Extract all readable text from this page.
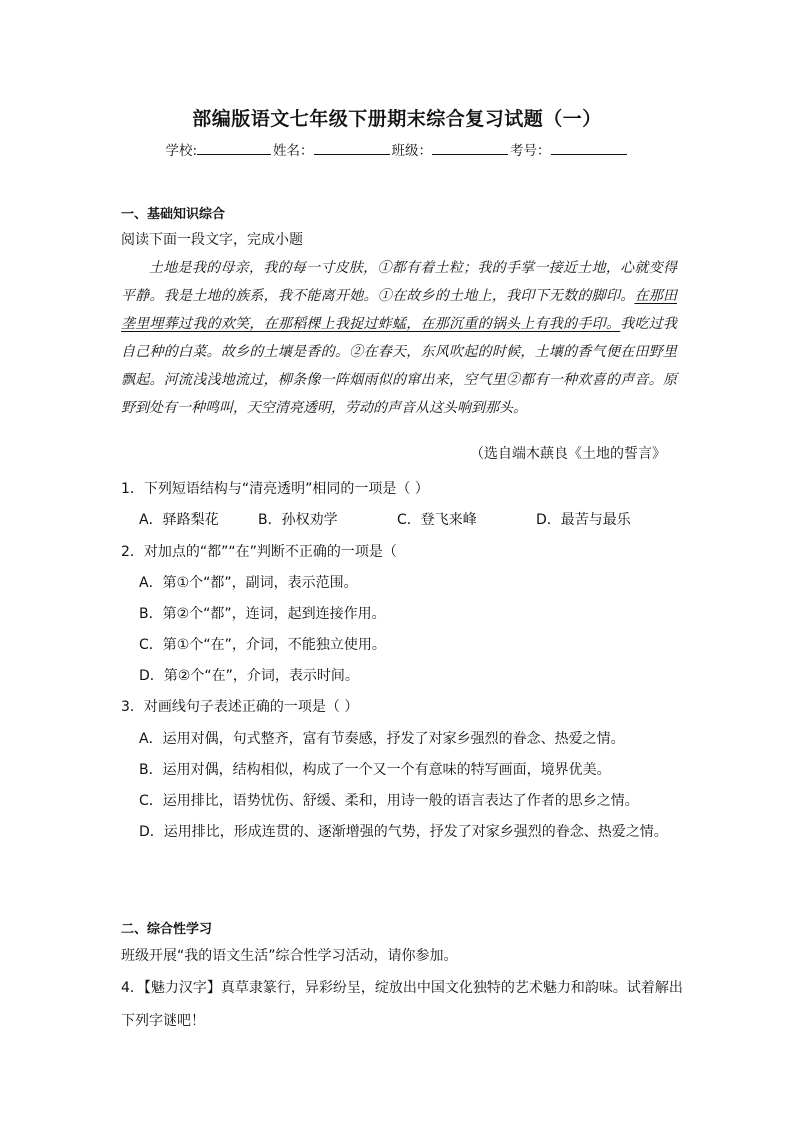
部编版语文七年级下册期末综合复习试题（一）
学校:	姓名：	班级：	考号：
一、基础知识综合
阅读下面一段文字，完成小题
土地是我的母亲，我的每一寸皮肤，①都有着土粒；我的手掌一接近土地，心就变得平静。我是土地的族系，我不能离开她。①在故乡的土地上，我印下无数的脚印。在那田垄里埋葬过我的欢笑，在那稻棵上我捉过蚱蜢，在那沉重的锅头上有我的手印。我吃过我自己种的白菜。故乡的土壤是香的。②在春天，东风吹起的时候，土壤的香气便在田野里飘起。河流浅浅地流过，柳条像一阵烟雨似的窜出来，空气里②都有一种欢喜的声音。原野到处有一种鸣叫，天空清亮透明，劳动的声音从这头响到那头。
（选自端木蕻良《土地的誓言》
1．下列短语结构与“清亮透明”相同的一项是（ ）
A．驿路梨花	B．孙权劝学	C．登飞来峰	D．最苦与最乐
2．对加点的“都”“在”判断不正确的一项是（
A．第①个“都”，副词，表示范围。
B．第②个“都”，连词，起到连接作用。
C．第①个“在”，介词，不能独立使用。
D．第②个“在”，介词，表示时间。
3．对画线句子表述正确的一项是（ ）
A．运用对偶，句式整齐，富有节奏感，抒发了对家乡强烈的眷念、热爱之情。
B．运用对偶，结构相似，构成了一个又一个有意味的特写画面，境界优美。
C．运用排比，语势忧伤、舒缓、柔和，用诗一般的语言表达了作者的思乡之情。
D．运用排比，形成连贯的、逐渐增强的气势，抒发了对家乡强烈的眷念、热爱之情。
二、综合性学习
班级开展“我的语文生活”综合性学习活动，请你参加。
4．【魅力汉字】真草隶篆行，异彩纷呈，绽放出中国文化独特的艺术魅力和韵味。试着解出
下列字谜吧！
